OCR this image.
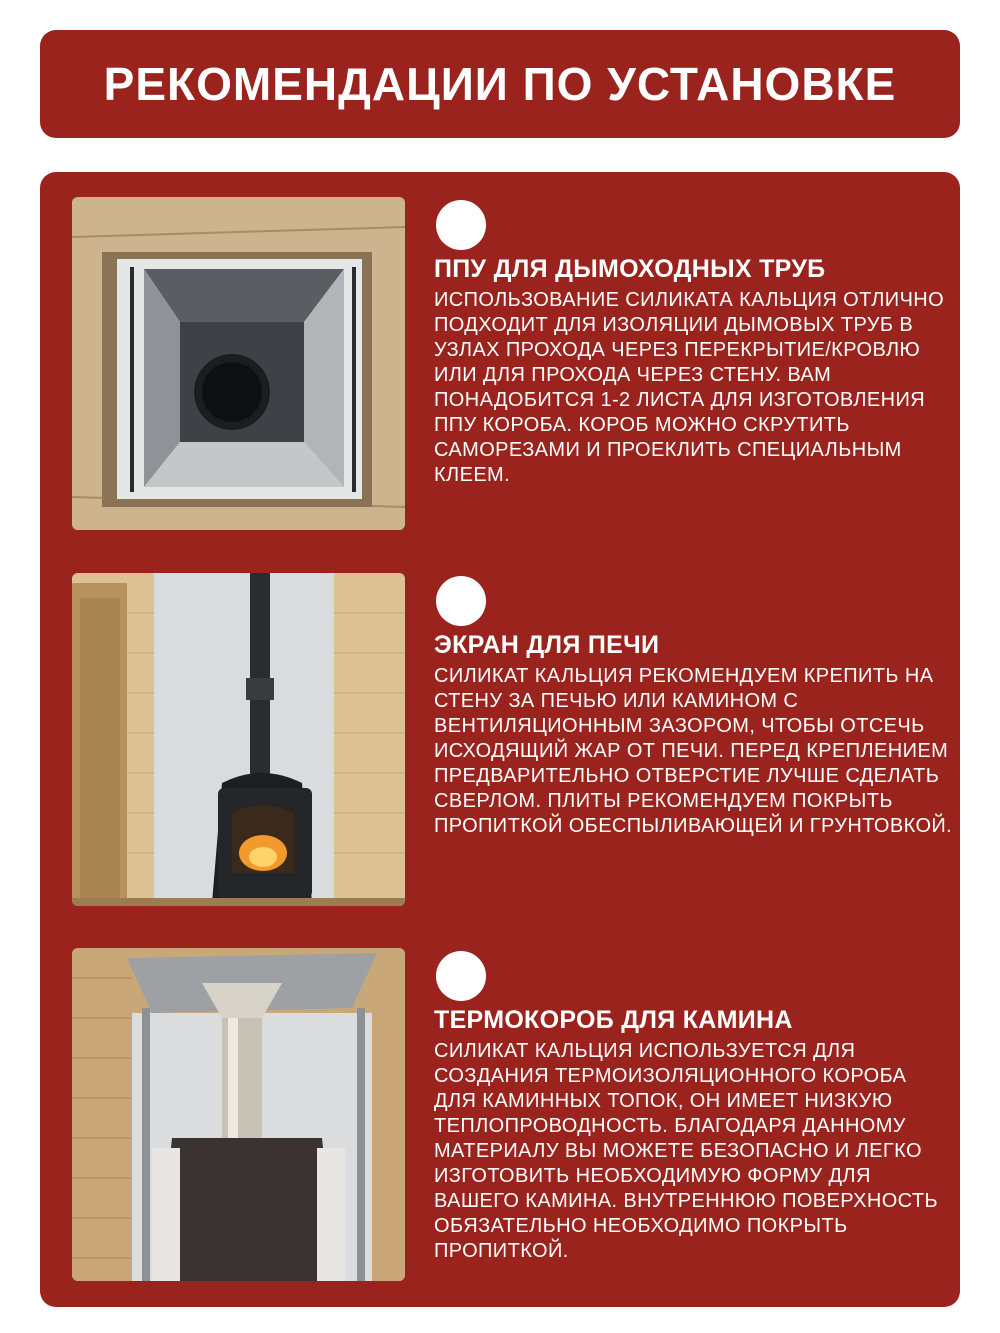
РЕКОМЕНДАЦИИ ПО УСТАНОВКЕ
ППУ ДЛЯ ДЫМОХОДНЫХ ТРУБ

ИСПОЛЬЗОВАНИЕ СИЛИКАТА КАЛЬЦИЯ ОТЛИЧНО ПОДХОДИТ ДЛЯ ИЗОЛЯЦИИ ДЫМОВЫХ ТРУБ В УЗЛАХ ПРОХОДА ЧЕРЕЗ ПЕРЕКРЫТИЕ/КРОВЛЮ ИЛИ ДЛЯ ПРОХОДА ЧЕРЕЗ СТЕНУ. ВАМ ПОНАДОБИТСЯ 1-2 ЛИСТА ДЛЯ ИЗГОТОВЛЕНИЯ ППУ КОРОБА. КОРОБ МОЖНО СКРУТИТЬ САМОРЕЗАМИ И ПРОЕКЛИТЬ СПЕЦИАЛЬНЫМ КЛЕЕМ.

ЭКРАН ДЛЯ ПЕЧИ

СИЛИКАТ КАЛЬЦИЯ РЕКОМЕНДУЕМ КРЕПИТЬ НА СТЕНУ ЗА ПЕЧЬЮ ИЛИ КАМИНОМ С ВЕНТИЛЯЦИОННЫМ ЗАЗОРОМ, ЧТОБЫ ОТСЕЧЬ ИСХОДЯЩИЙ ЖАР ОТ ПЕЧИ. ПЕРЕД КРЕПЛЕНИЕМ ПРЕДВАРИТЕЛЬНО ОТВЕРСТИЕ ЛУЧШЕ СДЕЛАТЬ СВЕРЛОМ. ПЛИТЫ РЕКОМЕНДУЕМ ПОКРЫТЬ ПРОПИТКОЙ ОБЕСПЫЛИВАЮЩЕЙ И ГРУНТОВКОЙ.

ТЕРМОКОРОБ ДЛЯ КАМИНА

СИЛИКАТ КАЛЬЦИЯ ИСПОЛЬЗУЕТСЯ ДЛЯ СОЗДАНИЯ ТЕРМОИЗОЛЯЦИОННОГО КОРОБА ДЛЯ КАМИННЫХ ТОПОК, ОН ИМЕЕТ НИЗКУЮ ТЕПЛОПРОВОДНОСТЬ. БЛАГОДАРЯ ДАННОМУ МАТЕРИАЛУ ВЫ МОЖЕТЕ БЕЗОПАСНО И ЛЕГКО ИЗГОТОВИТЬ НЕОБХОДИМУЮ ФОРМУ ДЛЯ ВАШЕГО КАМИНА. ВНУТРЕННЮЮ ПОВЕРХНОСТЬ ОБЯЗАТЕЛЬНО НЕОБХОДИМО ПОКРЫТЬ ПРОПИТКОЙ.
